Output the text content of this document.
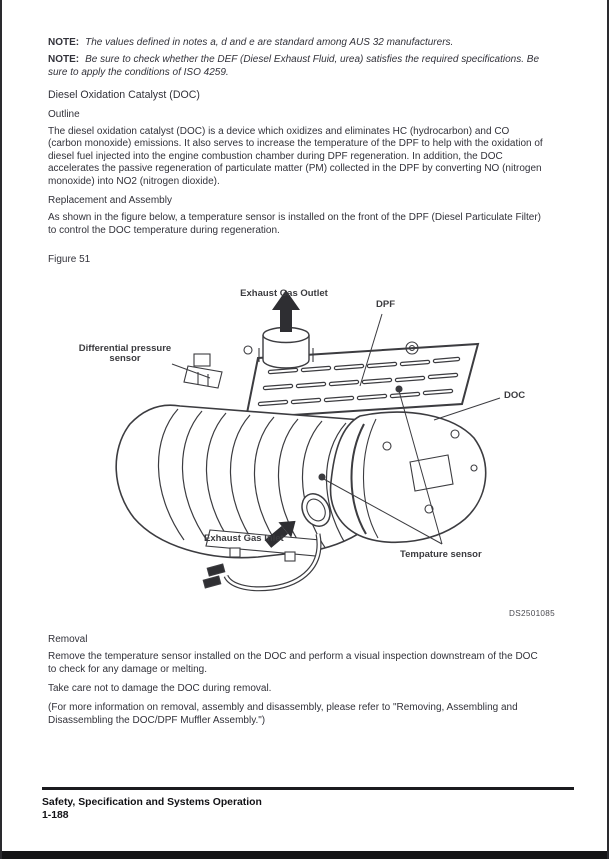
NOTE: The values defined in notes a, d and e are standard among AUS 32 manufacturers.
NOTE: Be sure to check whether the DEF (Diesel Exhaust Fluid, urea) satisfies the required specifications. Be sure to apply the conditions of ISO 4259.
Diesel Oxidation Catalyst (DOC)
Outline

The diesel oxidation catalyst (DOC) is a device which oxidizes and eliminates HC (hydrocarbon) and CO (carbon monoxide) emissions. It also serves to increase the temperature of the DPF to help with the oxidation of diesel fuel injected into the engine combustion chamber during DPF regeneration. In addition, the DOC accelerates the passive regeneration of particulate matter (PM) collected in the DPF by converting NO (nitrogen monoxide) into NO2 (nitrogen dioxide).

Replacement and Assembly

As shown in the figure below, a temperature sensor is installed on the front of the DPF (Diesel Particulate Filter) to control the DOC temperature during regeneration.

Figure 51
Exhaust Gas Outlet
DPF
Differential pressure sensor
DOC
Exhaust Gas Inlet
Tempature sensor
DS2501085
Removal

Remove the temperature sensor installed on the DOC and perform a visual inspection downstream of the DOC to check for any damage or melting.

Take care not to damage the DOC during removal.

(For more information on removal, assembly and disassembly, please refer to "Removing, Assembling and Disassembling the DOC/DPF Muffler Assembly.")

Safety, Specification and Systems Operation
1-188
